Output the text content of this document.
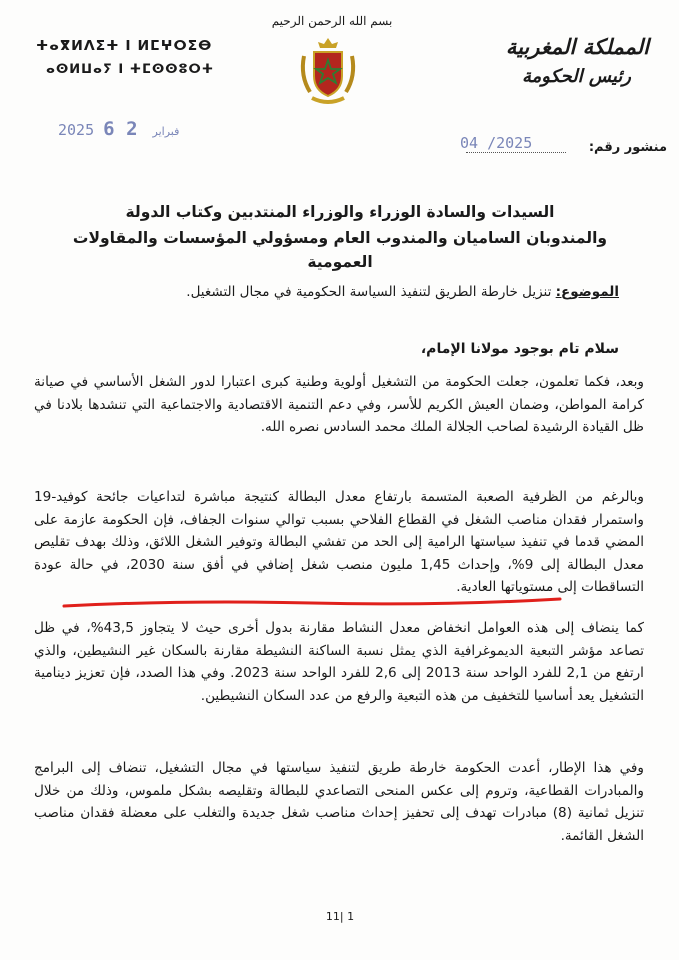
ⵜⴰⴳⵍⴷⵉⵜ ⵏ ⵍⵎⵖⵔⵉⴱ
ⴰⵙⵍⵡⴰⵢ ⵏ ⵜⵎⵙⵙⵓⵔⵜ
بسم الله الرحمن الرحيم
المملكة المغربية
رئيس الحكومة
2025	فبراير 2 6
04 /2025	منشور رقم:
السيدات والسادة الوزراء والوزراء المنتدبين وكتاب الدولة
والمندوبان الساميان والمندوب العام ومسؤولي المؤسسات والمقاولات العمومية
الموضوع: تنزيل خارطة الطريق لتنفيذ السياسة الحكومية في مجال التشغيل.
سلام تام بوجود مولانا الإمام،
وبعد، فكما تعلمون، جعلت الحكومة من التشغيل أولوية وطنية كبرى اعتبارا لدور الشغل الأساسي في صيانة كرامة المواطن، وضمان العيش الكريم للأسر، وفي دعم التنمية الاقتصادية والاجتماعية التي تنشدها بلادنا في ظل القيادة الرشيدة لصاحب الجلالة الملك محمد السادس نصره الله.
وبالرغم من الظرفية الصعبة المتسمة بارتفاع معدل البطالة كنتيجة مباشرة لتداعيات جائحة كوفيد-19 واستمرار فقدان مناصب الشغل في القطاع الفلاحي بسبب توالي سنوات الجفاف، فإن الحكومة عازمة على المضي قدما في تنفيذ سياستها الرامية إلى الحد من تفشي البطالة وتوفير الشغل اللائق، وذلك بهدف تقليص معدل البطالة إلى 9%، وإحداث 1,45 مليون منصب شغل إضافي في أفق سنة 2030، في حالة عودة التساقطات إلى مستوياتها العادية.
كما ينضاف إلى هذه العوامل انخفاض معدل النشاط مقارنة بدول أخرى حيث لا يتجاوز 43,5%، في ظل تصاعد مؤشر التبعية الديموغرافية الذي يمثل نسبة الساكنة النشيطة مقارنة بالسكان غير النشيطين، والذي ارتفع من 2,1 للفرد الواحد سنة 2013 إلى 2,6 للفرد الواحد سنة 2023. وفي هذا الصدد، فإن تعزيز دينامية التشغيل يعد أساسيا للتخفيف من هذه التبعية والرفع من عدد السكان النشيطين.
وفي هذا الإطار، أعدت الحكومة خارطة طريق لتنفيذ سياستها في مجال التشغيل، تنضاف إلى البرامج والمبادرات القطاعية، وتروم إلى عكس المنحى التصاعدي للبطالة وتقليصه بشكل ملموس، وذلك من خلال تنزيل ثمانية (8) مبادرات تهدف إلى تحفيز إحداث مناصب شغل جديدة والتغلب على معضلة فقدان مناصب الشغل القائمة.
11| 1
